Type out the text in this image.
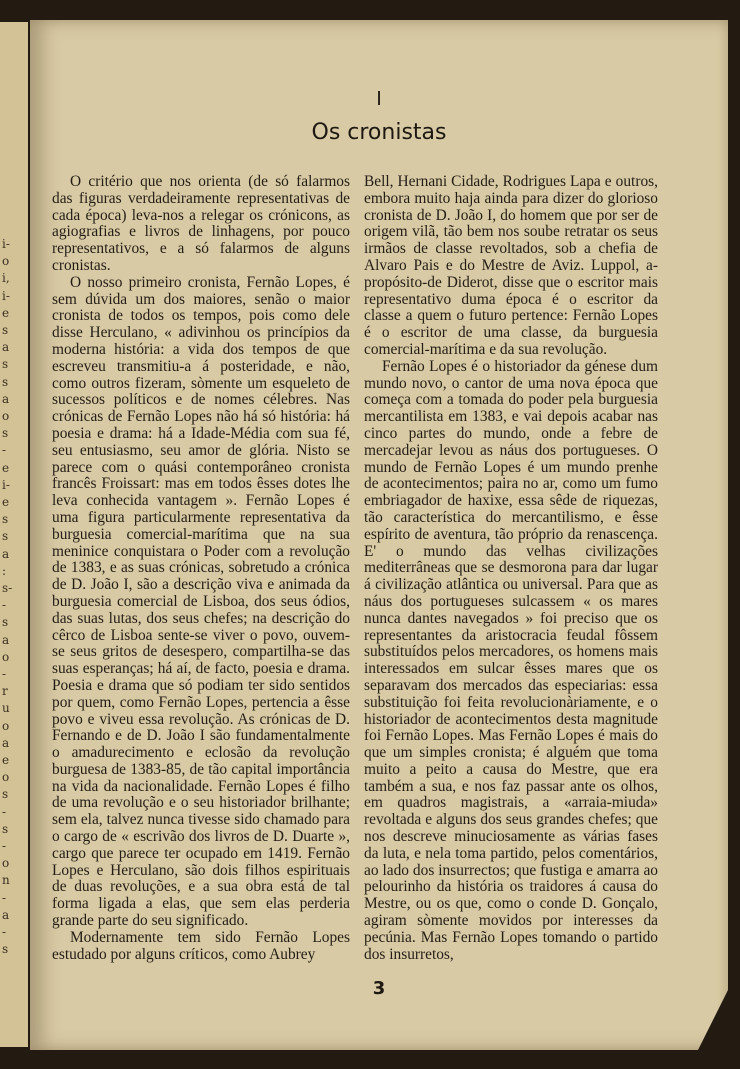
i-
o
i,
i-
e
s
a
s
s
a
o
s
-
e
i-
e
s
s
a
:
s-
-
s
a
o
-
r
u
o
a
e
o
s
-
s
-
o
n
-
a
-
s
I
Os cronistas

O critério que nos orienta (de só falarmos das figuras verdadeiramente representativas de cada época) leva-nos a relegar os crónicons, as agiografias e livros de linhagens, por pouco representativos, e a só falarmos de alguns cronistas.

O nosso primeiro cronista, Fernão Lopes, é sem dúvida um dos maiores, senão o maior cronista de todos os tempos, pois como dele disse Herculano, « adivinhou os princípios da moderna história: a vida dos tempos de que escreveu transmitiu-a á posteridade, e não, como outros fizeram, sòmente um esqueleto de sucessos políticos e de nomes célebres. Nas crónicas de Fernão Lopes não há só história: há poesia e drama: há a Idade-Média com sua fé, seu entusiasmo, seu amor de glória. Nisto se parece com o quási contemporâneo cronista francês Froissart: mas em todos êsses dotes lhe leva conhecida vantagem ». Fernão Lopes é uma figura particularmente representativa da burguesia comercial-marítima que na sua meninice conquistara o Poder com a revolução de 1383, e as suas crónicas, sobretudo a crónica de D. João I, são a descrição viva e animada da burguesia comercial de Lisboa, dos seus ódios, das suas lutas, dos seus chefes; na descrição do cêrco de Lisboa sente-se viver o povo, ouvem-se seus gritos de desespero, compartilha-se das suas esperanças; há aí, de facto, poesia e drama. Poesia e drama que só podiam ter sido sentidos por quem, como Fernão Lopes, pertencia a êsse povo e viveu essa revolução. As crónicas de D. Fernando e de D. João I são fundamentalmente o amadurecimento e eclosão da revolução burguesa de 1383-85, de tão capital importância na vida da nacionalidade. Fernão Lopes é filho de uma revolução e o seu historiador brilhante; sem ela, talvez nunca tivesse sido chamado para o cargo de « escrivão dos livros de D. Duarte », cargo que parece ter ocupado em 1419. Fernão Lopes e Herculano, são dois filhos espirituais de duas revoluções, e a sua obra está de tal forma ligada a elas, que sem elas perderia grande parte do seu significado.

Modernamente tem sido Fernão Lopes estudado por alguns críticos, como Aubrey

Bell, Hernani Cidade, Rodrigues Lapa e outros, embora muito haja ainda para dizer do glorioso cronista de D. João I, do homem que por ser de origem vilã, tão bem nos soube retratar os seus irmãos de classe revoltados, sob a chefia de Alvaro Pais e do Mestre de Aviz. Luppol, a-propósito-de Diderot, disse que o escritor mais representativo duma época é o escritor da classe a quem o futuro pertence: Fernão Lopes é o escritor de uma classe, da burguesia comercial-marítima e da sua revolução.

Fernão Lopes é o historiador da génese dum mundo novo, o cantor de uma nova época que começa com a tomada do poder pela burguesia mercantilista em 1383, e vai depois acabar nas cinco partes do mundo, onde a febre de mercadejar levou as náus dos portugueses. O mundo de Fernão Lopes é um mundo prenhe de acontecimentos; paira no ar, como um fumo embriagador de haxixe, essa sêde de riquezas, tão característica do mercantilismo, e êsse espírito de aventura, tão próprio da renascença. E' o mundo das velhas civilizações mediterrâneas que se desmorona para dar lugar á civilização atlântica ou universal. Para que as náus dos portugueses sulcassem « os mares nunca dantes navegados » foi preciso que os representantes da aristocracia feudal fôssem substituídos pelos mercadores, os homens mais interessados em sulcar êsses mares que os separavam dos mercados das especiarias: essa substituição foi feita revolucionàriamente, e o historiador de acontecimentos desta magnitude foi Fernão Lopes. Mas Fernão Lopes é mais do que um simples cronista; é alguém que toma muito a peito a causa do Mestre, que era também a sua, e nos faz passar ante os olhos, em quadros magistrais, a «arraia-miuda» revoltada e alguns dos seus grandes chefes; que nos descreve minuciosamente as várias fases da luta, e nela toma partido, pelos comentários, ao lado dos insurrectos; que fustiga e amarra ao pelourinho da história os traidores á causa do Mestre, ou os que, como o conde D. Gonçalo, agiram sòmente movidos por interesses da pecúnia. Mas Fernão Lopes tomando o partido dos insurretos,

3
